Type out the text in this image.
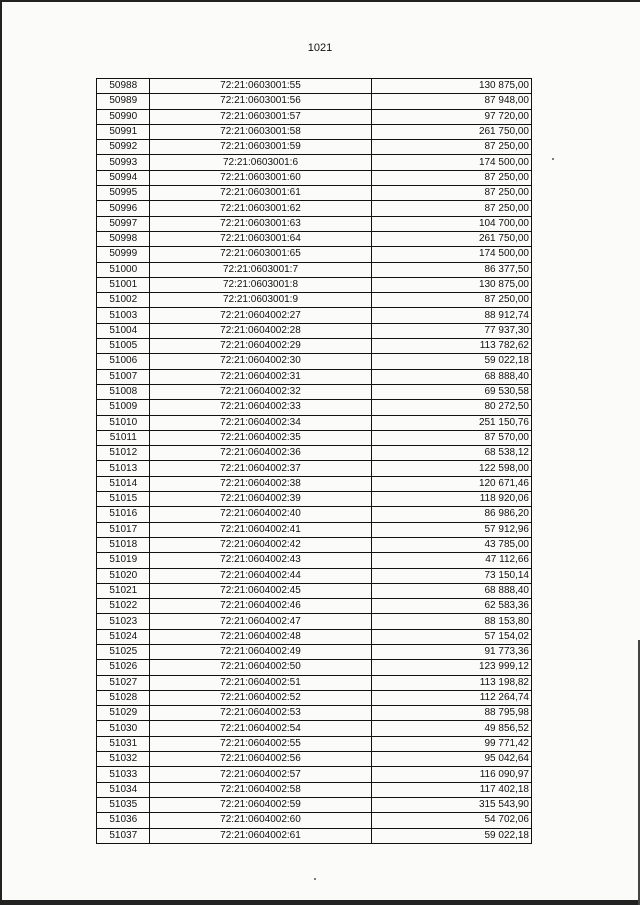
1021
50988	72:21:0603001:55	130 875,00
50989	72:21:0603001:56	87 948,00
50990	72:21:0603001:57	97 720,00
50991	72:21:0603001:58	261 750,00
50992	72:21:0603001:59	87 250,00
50993	72:21:0603001:6	174 500,00
50994	72:21:0603001:60	87 250,00
50995	72:21:0603001:61	87 250,00
50996	72:21:0603001:62	87 250,00
50997	72:21:0603001:63	104 700,00
50998	72:21:0603001:64	261 750,00
50999	72:21:0603001:65	174 500,00
51000	72:21:0603001:7	86 377,50
51001	72:21:0603001:8	130 875,00
51002	72:21:0603001:9	87 250,00
51003	72:21:0604002:27	88 912,74
51004	72:21:0604002:28	77 937,30
51005	72:21:0604002:29	113 782,62
51006	72:21:0604002:30	59 022,18
51007	72:21:0604002:31	68 888,40
51008	72:21:0604002:32	69 530,58
51009	72:21:0604002:33	80 272,50
51010	72:21:0604002:34	251 150,76
51011	72:21:0604002:35	87 570,00
51012	72:21:0604002:36	68 538,12
51013	72:21:0604002:37	122 598,00
51014	72:21:0604002:38	120 671,46
51015	72:21:0604002:39	118 920,06
51016	72:21:0604002:40	86 986,20
51017	72:21:0604002:41	57 912,96
51018	72:21:0604002:42	43 785,00
51019	72:21:0604002:43	47 112,66
51020	72:21:0604002:44	73 150,14
51021	72:21:0604002:45	68 888,40
51022	72:21:0604002:46	62 583,36
51023	72:21:0604002:47	88 153,80
51024	72:21:0604002:48	57 154,02
51025	72:21:0604002:49	91 773,36
51026	72:21:0604002:50	123 999,12
51027	72:21:0604002:51	113 198,82
51028	72:21:0604002:52	112 264,74
51029	72:21:0604002:53	88 795,98
51030	72:21:0604002:54	49 856,52
51031	72:21:0604002:55	99 771,42
51032	72:21:0604002:56	95 042,64
51033	72:21:0604002:57	116 090,97
51034	72:21:0604002:58	117 402,18
51035	72:21:0604002:59	315 543,90
51036	72:21:0604002:60	54 702,06
51037	72:21:0604002:61	59 022,18
